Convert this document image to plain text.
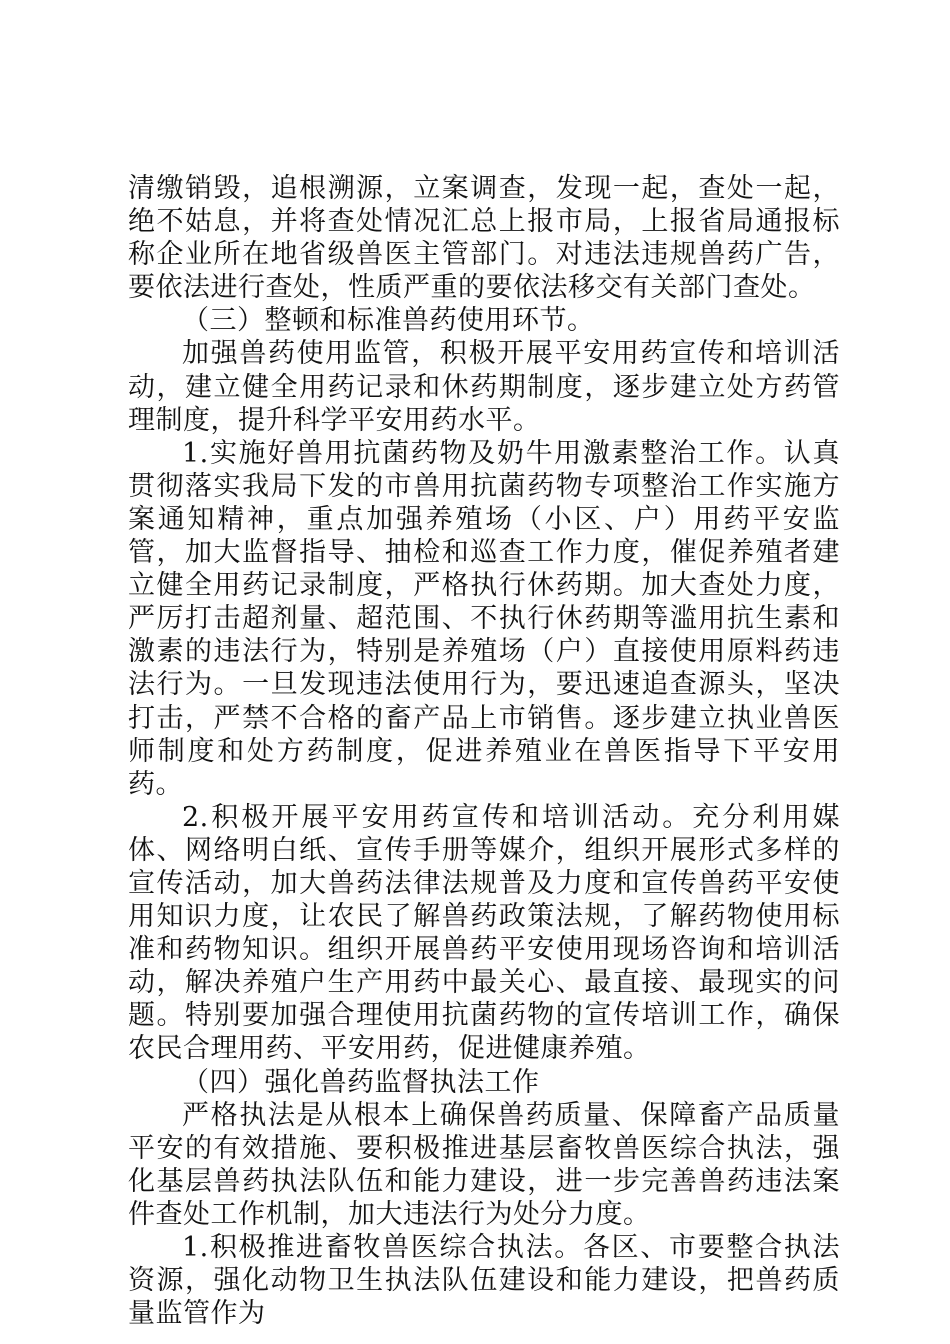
清缴销毁，追根溯源，立案调查，发现一起，查处一起，绝不姑息，并将查处情况汇总上报市局，上报省局通报标称企业所在地省级兽医主管部门。对违法违规兽药广告，要依法进行查处，性质严重的要依法移交有关部门查处。

（三）整顿和标准兽药使用环节。

加强兽药使用监管，积极开展平安用药宣传和培训活动，建立健全用药记录和休药期制度，逐步建立处方药管理制度，提升科学平安用药水平。

1.实施好兽用抗菌药物及奶牛用激素整治工作。认真贯彻落实我局下发的市兽用抗菌药物专项整治工作实施方案通知精神，重点加强养殖场（小区、户）用药平安监管，加大监督指导、抽检和巡查工作力度，催促养殖者建立健全用药记录制度，严格执行休药期。加大查处力度，严厉打击超剂量、超范围、不执行休药期等滥用抗生素和激素的违法行为，特别是养殖场（户）直接使用原料药违法行为。一旦发现违法使用行为，要迅速追查源头，坚决打击，严禁不合格的畜产品上市销售。逐步建立执业兽医师制度和处方药制度，促进养殖业在兽医指导下平安用药。

2.积极开展平安用药宣传和培训活动。充分利用媒体、网络明白纸、宣传手册等媒介，组织开展形式多样的宣传活动，加大兽药法律法规普及力度和宣传兽药平安使用知识力度，让农民了解兽药政策法规，了解药物使用标准和药物知识。组织开展兽药平安使用现场咨询和培训活动，解决养殖户生产用药中最关心、最直接、最现实的问题。特别要加强合理使用抗菌药物的宣传培训工作，确保农民合理用药、平安用药，促进健康养殖。

（四）强化兽药监督执法工作

严格执法是从根本上确保兽药质量、保障畜产品质量平安的有效措施、要积极推进基层畜牧兽医综合执法，强化基层兽药执法队伍和能力建设，进一步完善兽药违法案件查处工作机制，加大违法行为处分力度。

1.积极推进畜牧兽医综合执法。各区、市要整合执法资源，强化动物卫生执法队伍建设和能力建设，把兽药质量监管作为
